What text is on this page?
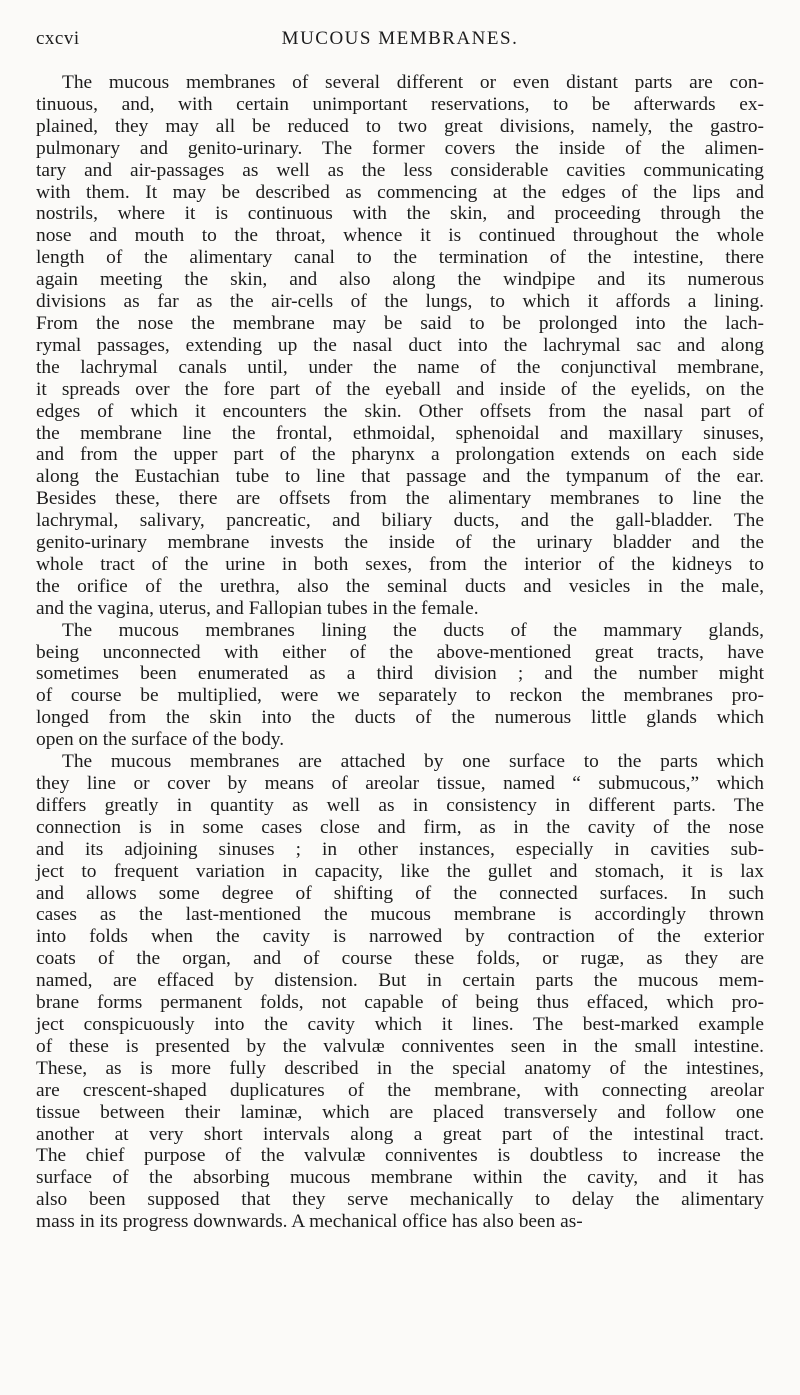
cxcvi	MUCOUS MEMBRANES.
The mucous membranes of several different or even distant parts are con-
tinuous, and, with certain unimportant reservations, to be afterwards ex-
plained, they may all be reduced to two great divisions, namely, the gastro-
pulmonary and genito-urinary. The former covers the inside of the alimen-
tary and air-passages as well as the less considerable cavities communicating
with them. It may be described as commencing at the edges of the lips and
nostrils, where it is continuous with the skin, and proceeding through the
nose and mouth to the throat, whence it is continued throughout the whole
length of the alimentary canal to the termination of the intestine, there
again meeting the skin, and also along the windpipe and its numerous
divisions as far as the air-cells of the lungs, to which it affords a lining.
From the nose the membrane may be said to be prolonged into the lach-
rymal passages, extending up the nasal duct into the lachrymal sac and along
the lachrymal canals until, under the name of the conjunctival membrane,
it spreads over the fore part of the eyeball and inside of the eyelids, on the
edges of which it encounters the skin. Other offsets from the nasal part of
the membrane line the frontal, ethmoidal, sphenoidal and maxillary sinuses,
and from the upper part of the pharynx a prolongation extends on each side
along the Eustachian tube to line that passage and the tympanum of the ear.
Besides these, there are offsets from the alimentary membranes to line the
lachrymal, salivary, pancreatic, and biliary ducts, and the gall-bladder. The
genito-urinary membrane invests the inside of the urinary bladder and the
whole tract of the urine in both sexes, from the interior of the kidneys to
the orifice of the urethra, also the seminal ducts and vesicles in the male,
and the vagina, uterus, and Fallopian tubes in the female.
The mucous membranes lining the ducts of the mammary glands,
being unconnected with either of the above-mentioned great tracts, have
sometimes been enumerated as a third division ; and the number might
of course be multiplied, were we separately to reckon the membranes pro-
longed from the skin into the ducts of the numerous little glands which
open on the surface of the body.
The mucous membranes are attached by one surface to the parts which
they line or cover by means of areolar tissue, named “ submucous,” which
differs greatly in quantity as well as in consistency in different parts. The
connection is in some cases close and firm, as in the cavity of the nose
and its adjoining sinuses ; in other instances, especially in cavities sub-
ject to frequent variation in capacity, like the gullet and stomach, it is lax
and allows some degree of shifting of the connected surfaces. In such
cases as the last-mentioned the mucous membrane is accordingly thrown
into folds when the cavity is narrowed by contraction of the exterior
coats of the organ, and of course these folds, or rugæ, as they are
named, are effaced by distension. But in certain parts the mucous mem-
brane forms permanent folds, not capable of being thus effaced, which pro-
ject conspicuously into the cavity which it lines. The best-marked example
of these is presented by the valvulæ conniventes seen in the small intestine.
These, as is more fully described in the special anatomy of the intestines,
are crescent-shaped duplicatures of the membrane, with connecting areolar
tissue between their laminæ, which are placed transversely and follow one
another at very short intervals along a great part of the intestinal tract.
The chief purpose of the valvulæ conniventes is doubtless to increase the
surface of the absorbing mucous membrane within the cavity, and it has
also been supposed that they serve mechanically to delay the alimentary
mass in its progress downwards. A mechanical office has also been as-
